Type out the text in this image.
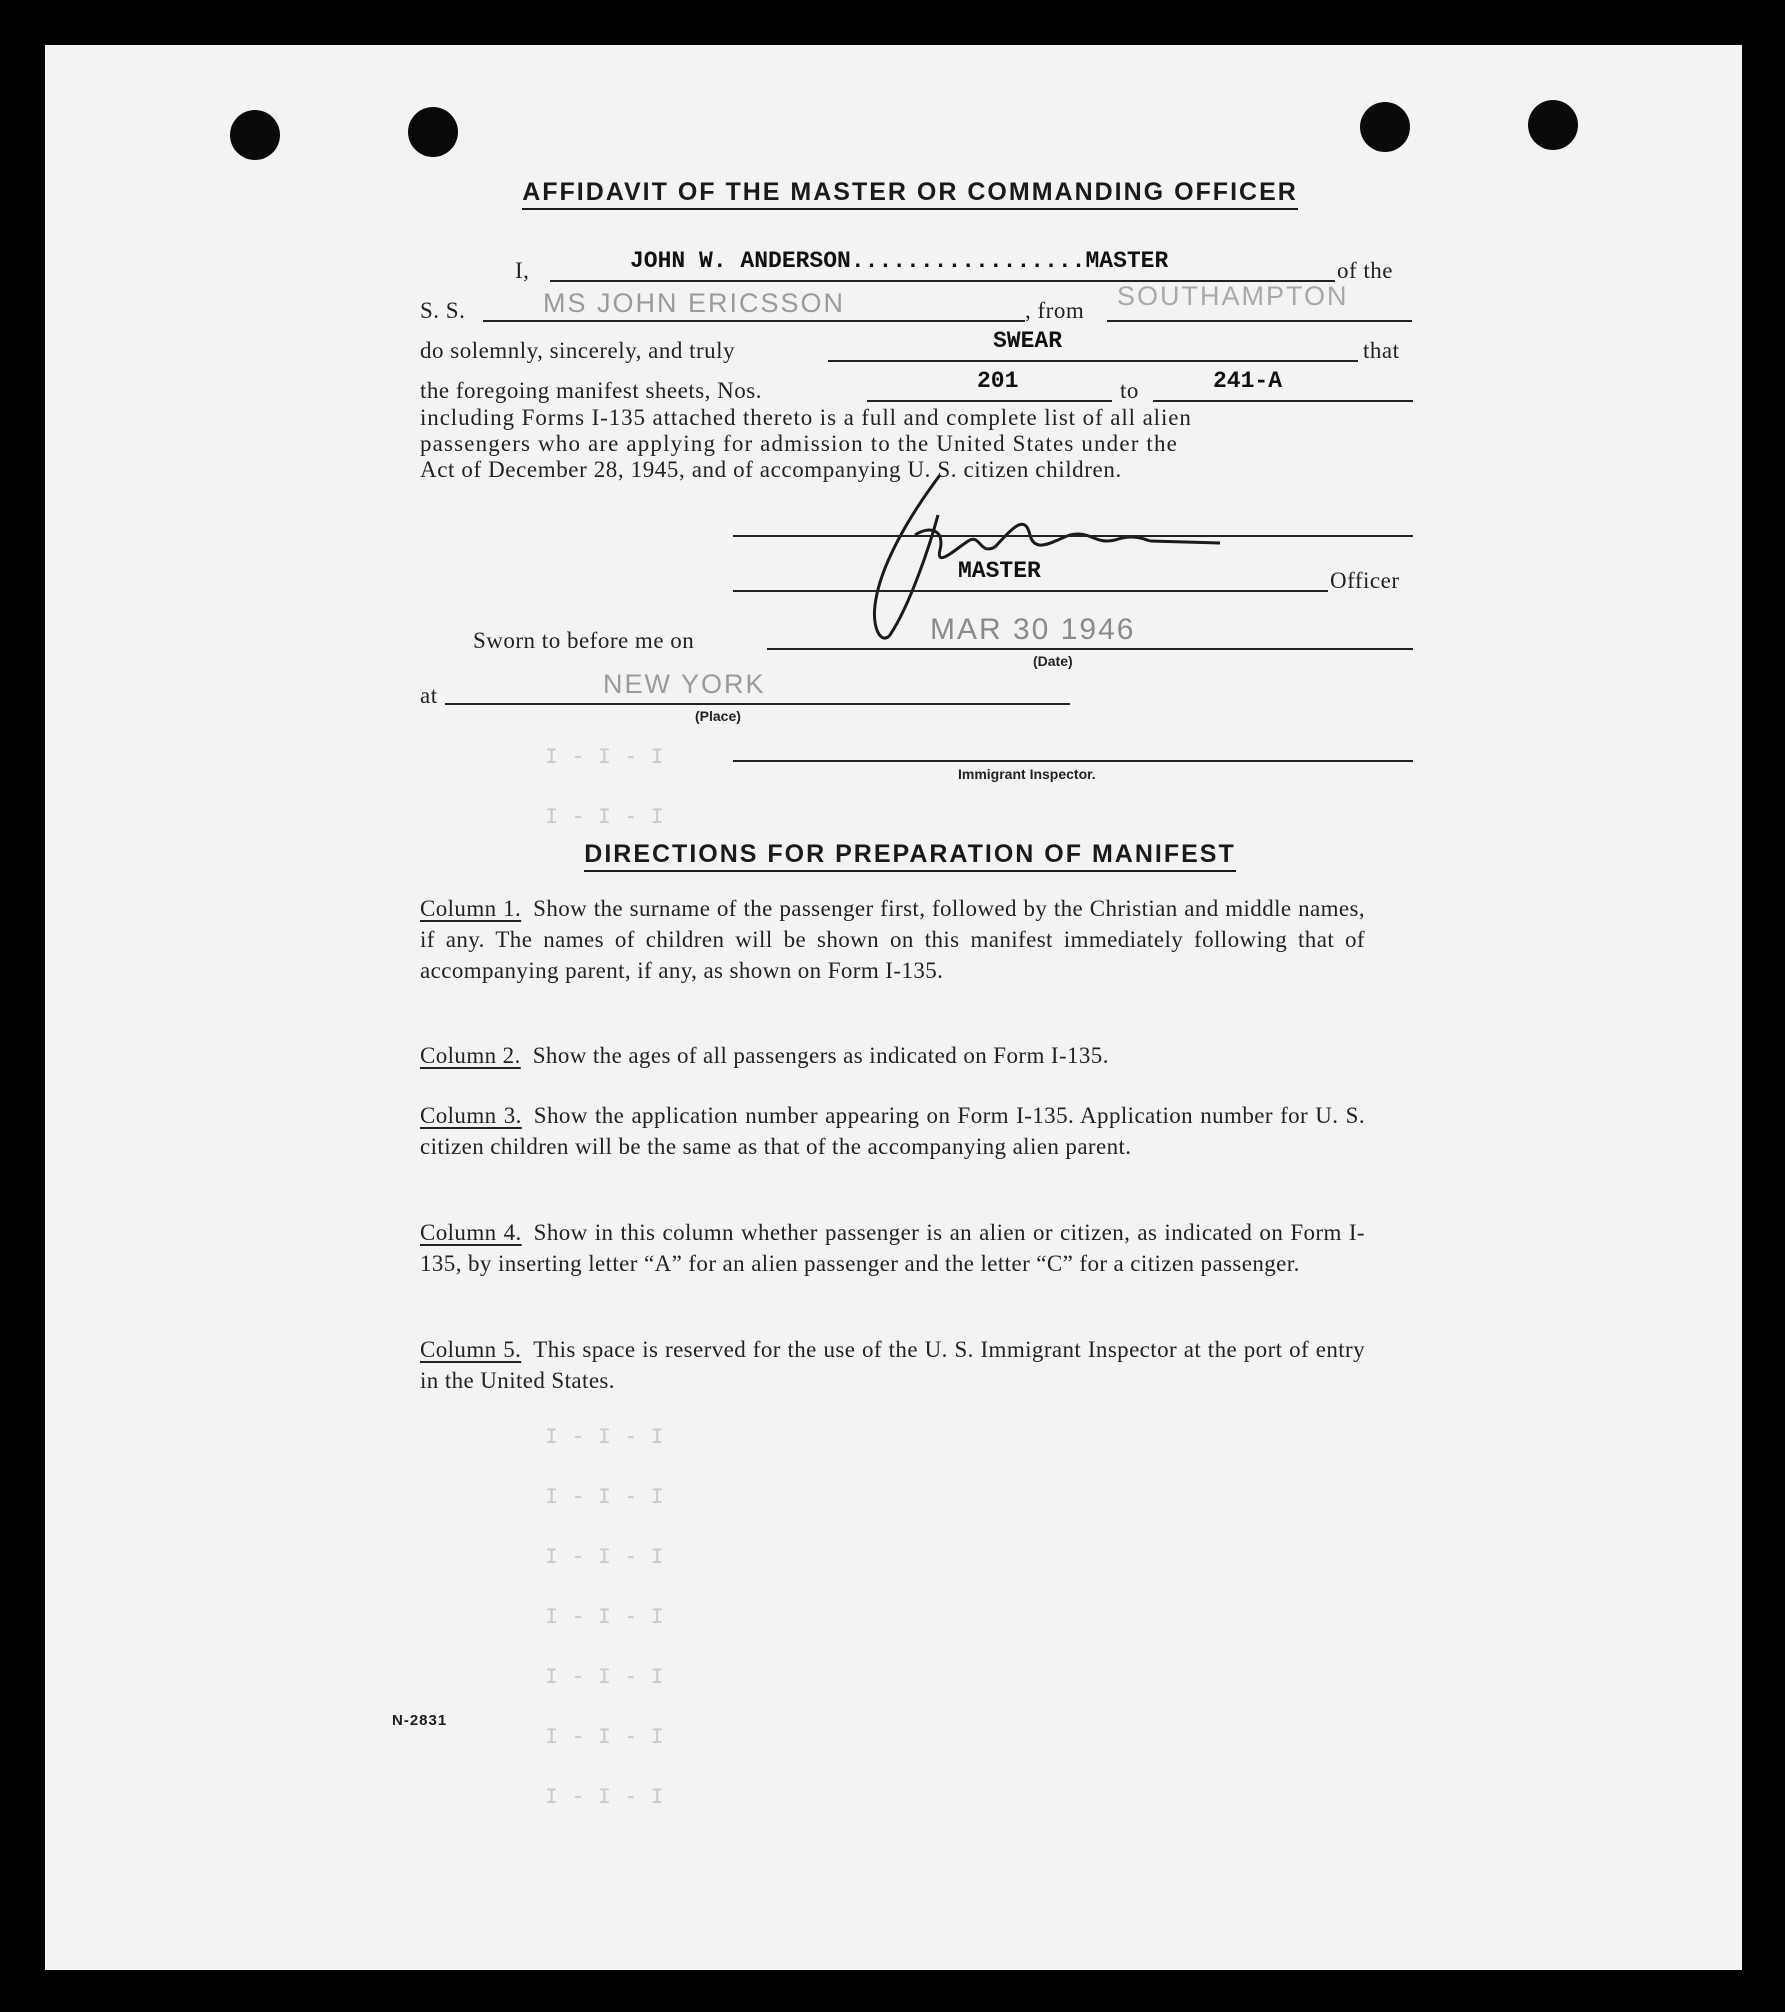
I - I - I
I - I - I
I - I - I
I - I - I
I - I - I
I - I - I
I - I - I
I - I - I
I - I - I
AFFIDAVIT OF THE MASTER OR COMMANDING OFFICER
I,	JOHN W. ANDERSON.................MASTER	of the
S. S.	MS JOHN ERICSSON	, from SOUTHAMPTON
do solemnly, sincerely, and truly	SWEAR	that
the foregoing manifest sheets, Nos.	201	to	241-A
including Forms I-135 attached thereto is a full and complete list of all alien
passengers who are applying for admission to the United States under the
Act of December 28, 1945, and of accompanying U. S. citizen children.
MASTER	Officer
Sworn to before me on	MAR 30 1946
(Date)
at	NEW YORK
(Place)
Immigrant Inspector.
DIRECTIONS FOR PREPARATION OF MANIFEST
Column 1. Show the surname of the passenger first, followed by the Christian and middle names, if any. The names of children will be shown on this manifest immediately following that of accompanying parent, if any, as shown on Form I-135.
Column 2. Show the ages of all passengers as indicated on Form I-135.
Column 3. Show the application number appearing on Form I-135. Application number for U. S. citizen children will be the same as that of the accompanying alien parent.
Column 4. Show in this column whether passenger is an alien or citizen, as indicated on Form I-135, by inserting letter “A” for an alien passenger and the letter “C” for a citizen passenger.
Column 5. This space is reserved for the use of the U. S. Immigrant Inspector at the port of entry in the United States.
N-2831
